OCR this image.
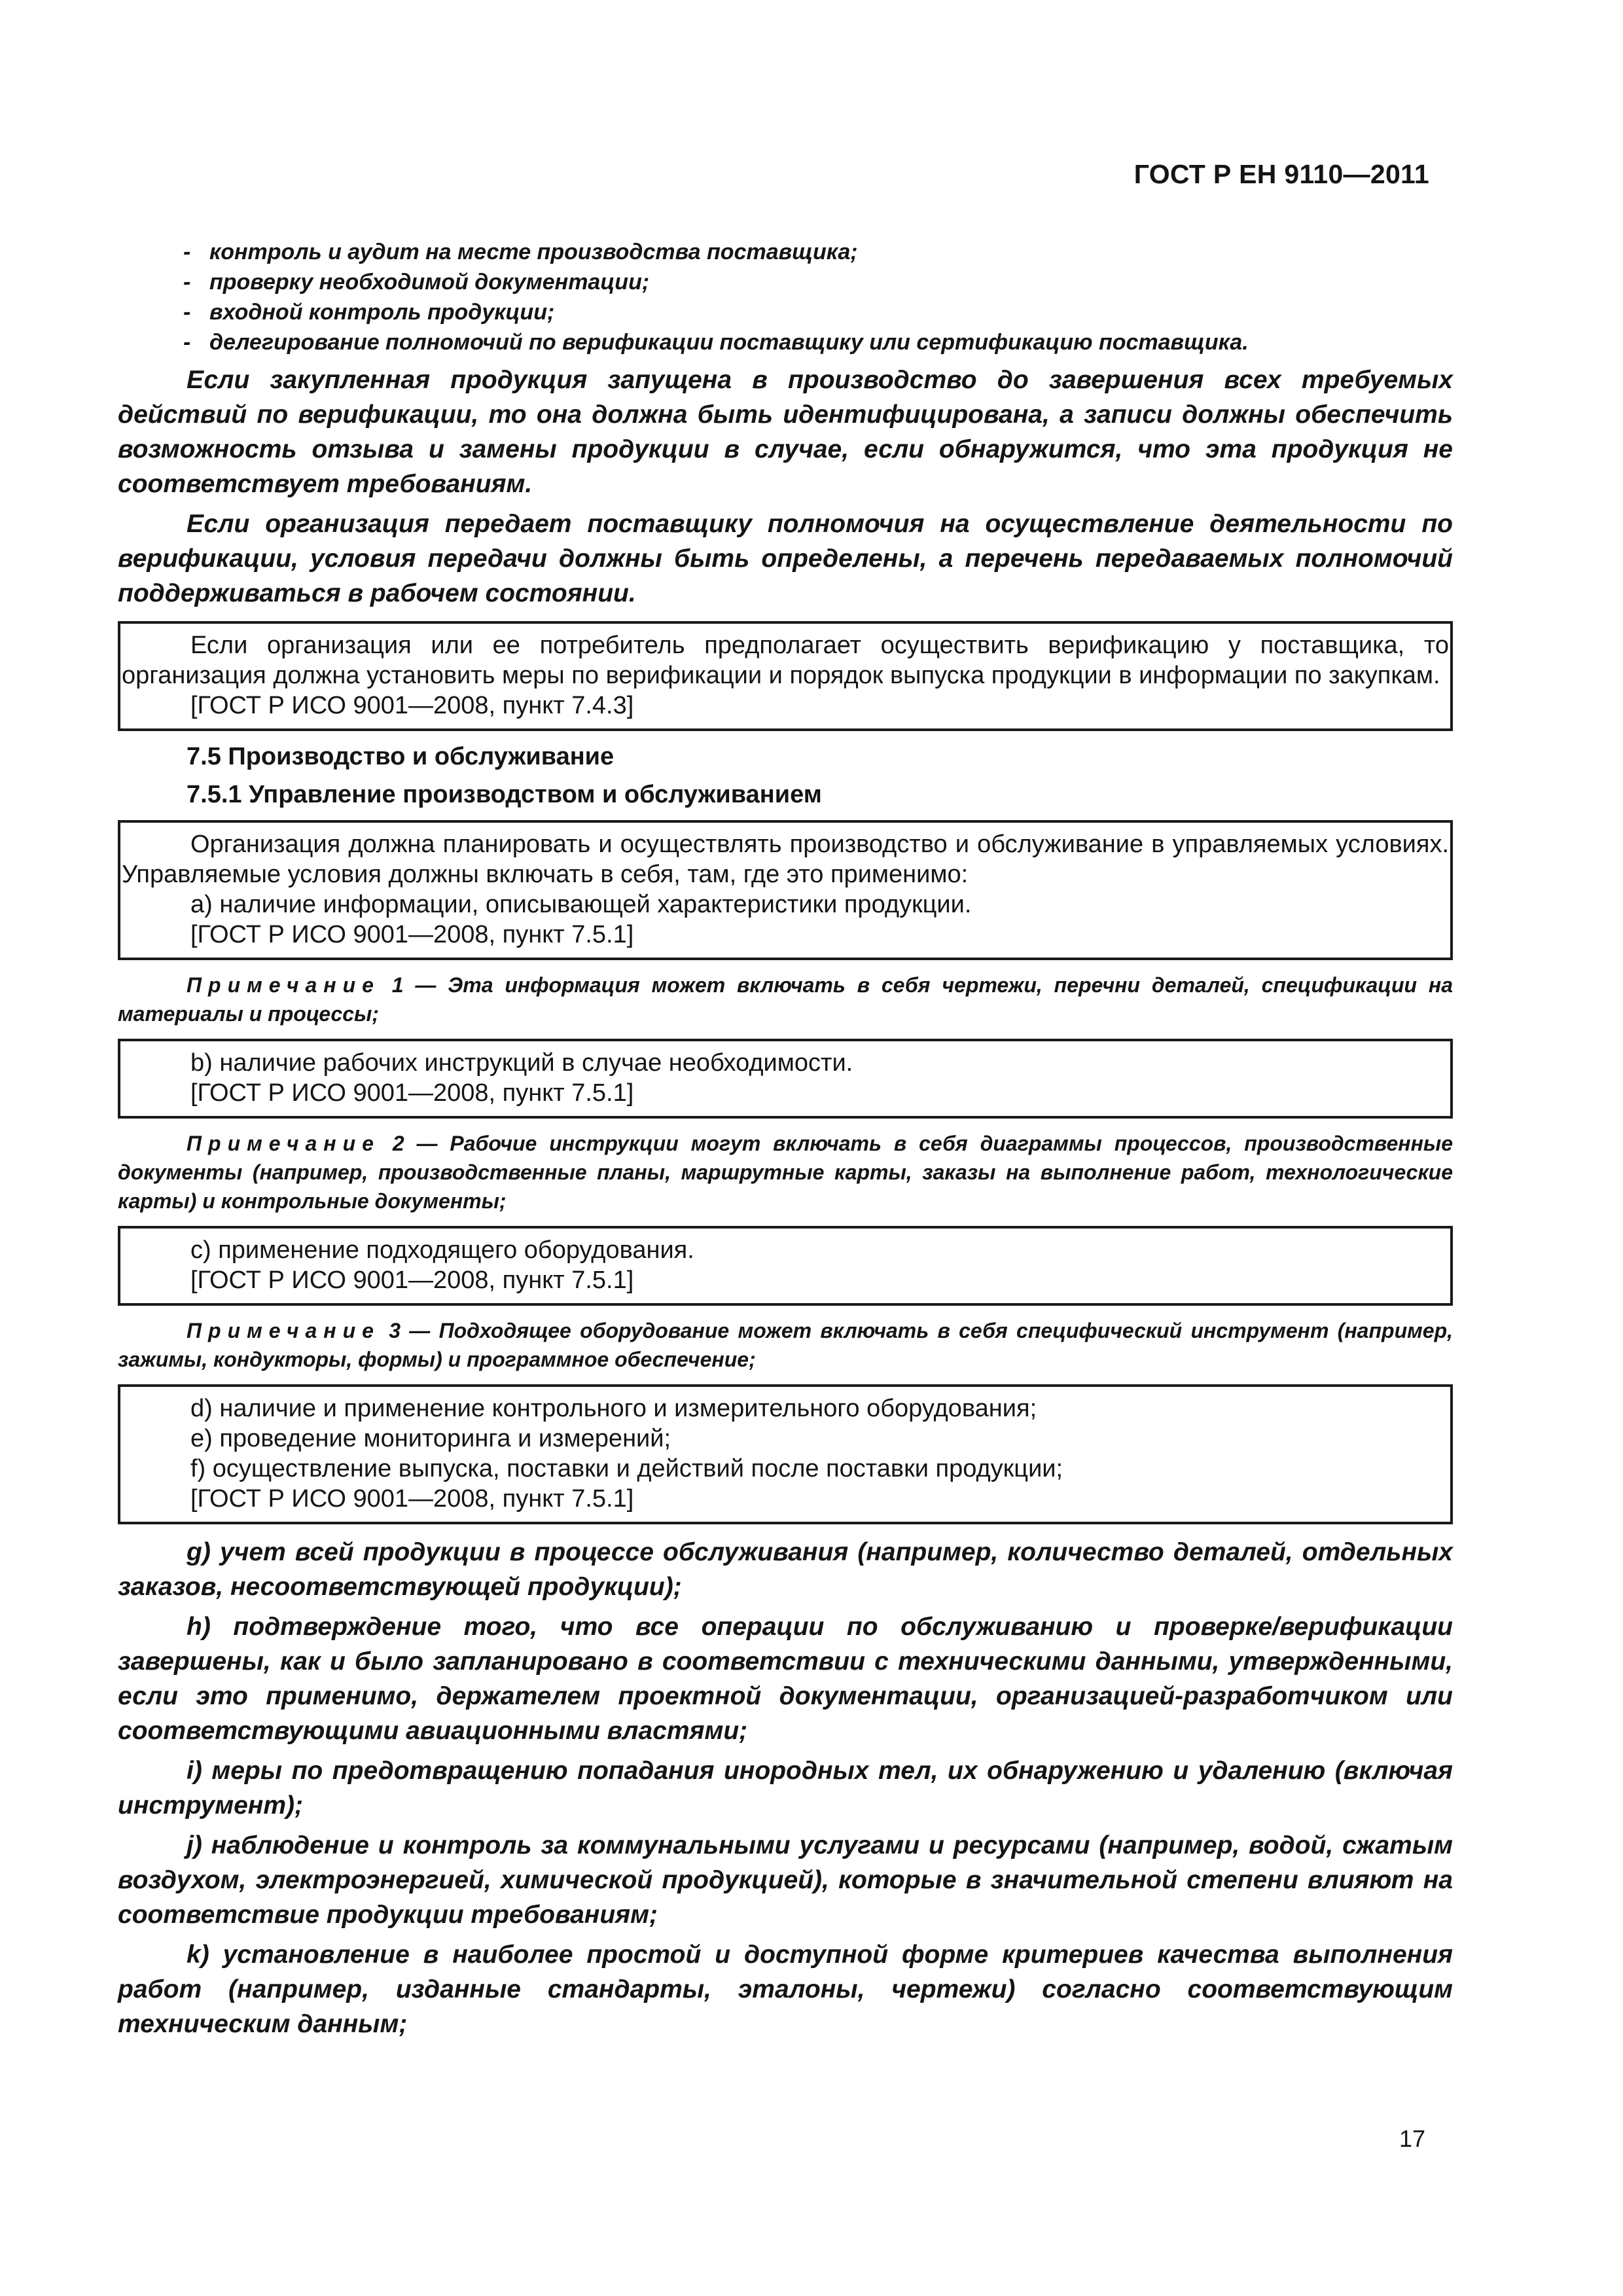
ГОСТ Р ЕН 9110—2011
- контроль и аудит на месте производства поставщика;
- проверку необходимой документации;
- входной контроль продукции;
- делегирование полномочий по верификации поставщику или сертификацию поставщика.

Если закупленная продукция запущена в производство до завершения всех требуемых действий по верификации, то она должна быть идентифицирована, а записи должны обеспечить возможность отзыва и замены продукции в случае, если обнаружится, что эта продукция не соответствует требованиям.

Если организация передает поставщику полномочия на осуществление деятельности по верификации, условия передачи должны быть определены, а перечень передаваемых полномочий поддерживаться в рабочем состоянии.

Если организация или ее потребитель предполагает осуществить верификацию у поставщика, то организация должна установить меры по верификации и порядок выпуска продукции в информации по закупкам.

[ГОСТ Р ИСО 9001—2008, пункт 7.4.3]

7.5 Производство и обслуживание
7.5.1 Управление производством и обслуживанием

Организация должна планировать и осуществлять производство и обслуживание в управляемых условиях. Управляемые условия должны включать в себя, там, где это применимо:

a) наличие информации, описывающей характеристики продукции.

[ГОСТ Р ИСО 9001—2008, пункт 7.5.1]

Примечание 1 — Эта информация может включать в себя чертежи, перечни деталей, спецификации на материалы и процессы;

b) наличие рабочих инструкций в случае необходимости.

[ГОСТ Р ИСО 9001—2008, пункт 7.5.1]

Примечание 2 — Рабочие инструкции могут включать в себя диаграммы процессов, производственные документы (например, производственные планы, маршрутные карты, заказы на выполнение работ, технологические карты) и контрольные документы;

c) применение подходящего оборудования.

[ГОСТ Р ИСО 9001—2008, пункт 7.5.1]

Примечание 3 — Подходящее оборудование может включать в себя специфический инструмент (например, зажимы, кондукторы, формы) и программное обеспечение;

d) наличие и применение контрольного и измерительного оборудования;

e) проведение мониторинга и измерений;

f) осуществление выпуска, поставки и действий после поставки продукции;

[ГОСТ Р ИСО 9001—2008, пункт 7.5.1]

g) учет всей продукции в процессе обслуживания (например, количество деталей, отдельных заказов, несоответствующей продукции);

h) подтверждение того, что все операции по обслуживанию и проверке/верификации завершены, как и было запланировано в соответствии с техническими данными, утвержденными, если это применимо, держателем проектной документации, организацией-разработчиком или соответствующими авиационными властями;

i) меры по предотвращению попадания инородных тел, их обнаружению и удалению (включая инструмент);

j) наблюдение и контроль за коммунальными услугами и ресурсами (например, водой, сжатым воздухом, электроэнергией, химической продукцией), которые в значительной степени влияют на соответствие продукции требованиям;

k) установление в наиболее простой и доступной форме критериев качества выполнения работ (например, изданные стандарты, эталоны, чертежи) согласно соответствующим техническим данным;

17
